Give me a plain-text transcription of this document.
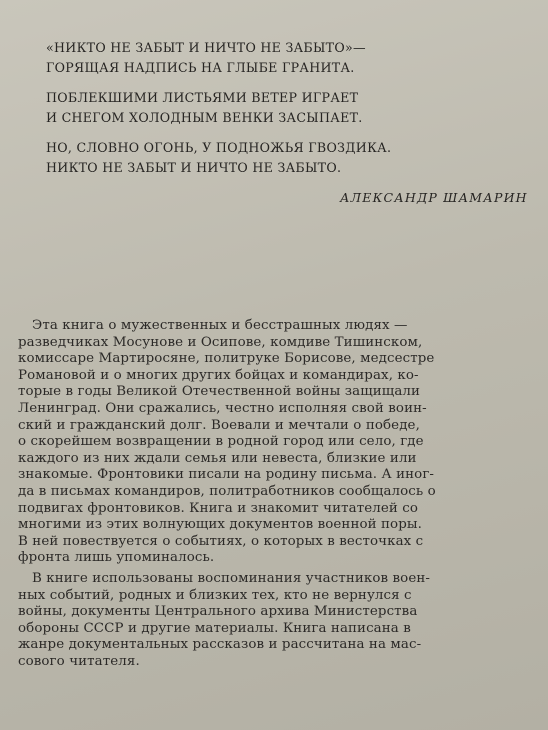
«НИКТО НЕ ЗАБЫТ И НИЧТО НЕ ЗАБЫТО»—
ГОРЯЩАЯ НАДПИСЬ НА ГЛЫБЕ ГРАНИТА.
ПОБЛЕКШИМИ ЛИСТЬЯМИ ВЕТЕР ИГРАЕТ
И СНЕГОМ ХОЛОДНЫМ ВЕНКИ ЗАСЫПАЕТ.
НО, СЛОВНО ОГОНЬ, У ПОДНОЖЬЯ ГВОЗДИКА.
НИКТО НЕ ЗАБЫТ И НИЧТО НЕ ЗАБЫТО.
АЛЕКСАНДР ШАМАРИН
Эта книга о мужественных и бесстрашных людях —
разведчиках Мосунове и Осипове, комдиве Тишинском,
комиссаре Мартиросяне, политруке Борисове, медсестре
Романовой и о многих других бойцах и командирах, ко-
торые в годы Великой Отечественной войны защищали
Ленинград. Они сражались, честно исполняя свой воин-
ский и гражданский долг. Воевали и мечтали о победе,
о скорейшем возвращении в родной город или село, где
каждого из них ждали семья или невеста, близкие или
знакомые. Фронтовики писали на родину письма. А иног-
да в письмах командиров, политработников сообщалось о
подвигах фронтовиков. Книга и знакомит читателей со
многими из этих волнующих документов военной поры.
В ней повествуется о событиях, о которых в весточках с
фронта лишь упоминалось.
В книге использованы воспоминания участников воен-
ных событий, родных и близких тех, кто не вернулся с
войны, документы Центрального архива Министерства
обороны СССР и другие материалы. Книга написана в
жанре документальных рассказов и рассчитана на мас-
сового читателя.
